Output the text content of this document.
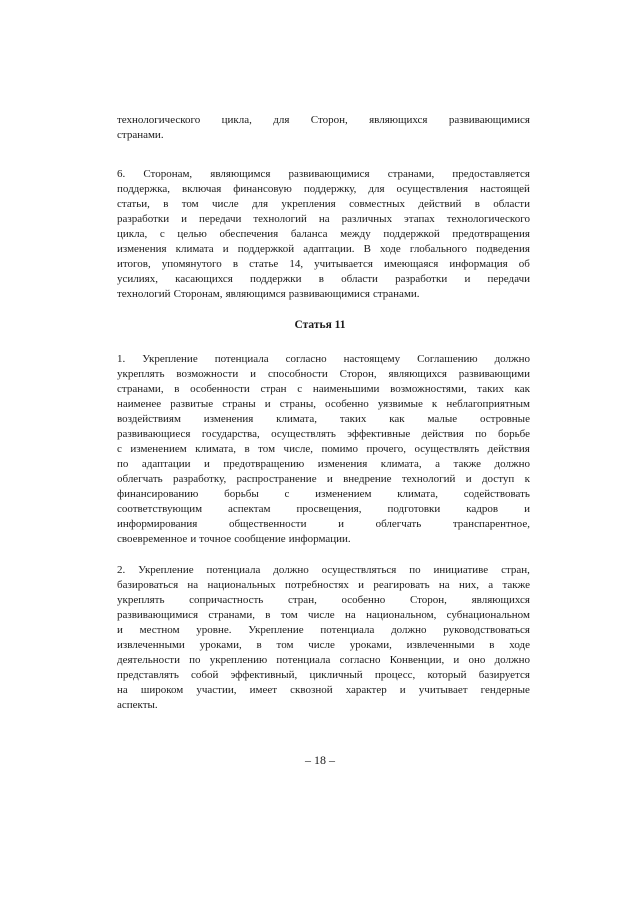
технологического цикла, для Сторон, являющихся развивающимися
странами.
6. Сторонам, являющимся развивающимися странами, предоставляется
поддержка, включая финансовую поддержку, для осуществления настоящей
статьи, в том числе для укрепления совместных действий в области
разработки и передачи технологий на различных этапах технологического
цикла, с целью обеспечения баланса между поддержкой предотвращения
изменения климата и поддержкой адаптации. В ходе глобального подведения
итогов, упомянутого в статье 14, учитывается имеющаяся информация об
усилиях, касающихся поддержки в области разработки и передачи
технологий Сторонам, являющимся развивающимися странами.
Статья 11
1. Укрепление потенциала согласно настоящему Соглашению должно
укреплять возможности и способности Сторон, являющихся развивающими
странами, в особенности стран с наименьшими возможностями, таких как
наименее развитые страны и страны, особенно уязвимые к неблагоприятным
воздействиям изменения климата, таких как малые островные
развивающиеся государства, осуществлять эффективные действия по борьбе
с изменением климата, в том числе, помимо прочего, осуществлять действия
по адаптации и предотвращению изменения климата, а также должно
облегчать разработку, распространение и внедрение технологий и доступ к
финансированию борьбы с изменением климата, содействовать
соответствующим аспектам просвещения, подготовки кадров и
информирования	общественности	и	облегчать	транспарентное,
своевременное и точное сообщение информации.
2. Укрепление потенциала должно осуществляться по инициативе стран,
базироваться на национальных потребностях и реагировать на них, а также
укреплять сопричастность стран, особенно Сторон, являющихся
развивающимися странами, в том числе на национальном, субнациональном
и местном уровне. Укрепление потенциала должно руководствоваться
извлеченными уроками, в том числе уроками, извлеченными в ходе
деятельности по укреплению потенциала согласно Конвенции, и оно должно
представлять собой эффективный, цикличный процесс, который базируется
на широком участии, имеет сквозной характер и учитывает гендерные
аспекты.
– 18 –
